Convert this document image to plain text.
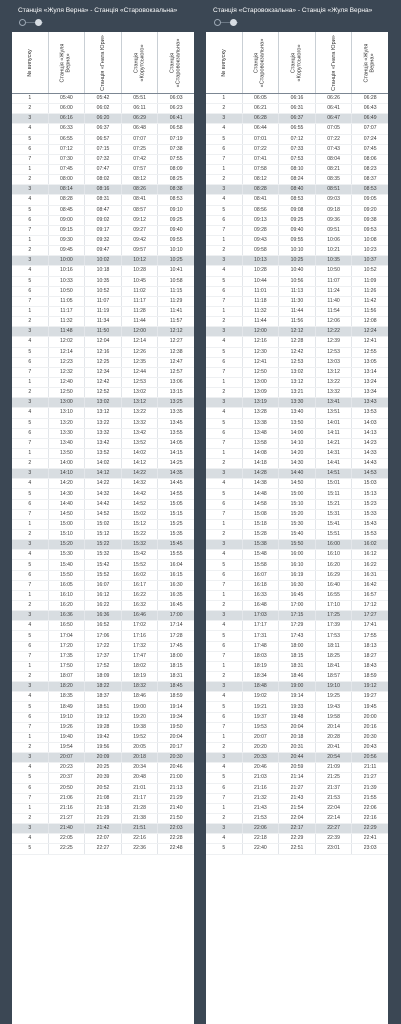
Станція «Жуля Верна» - Станція «Старовокзальна»	Станція «Старовокзальна» - Станція «Жуля Верна»
№ випуску	Станція «Жуля Верна»	Станція «Гната Юри»	Станція «Корутського»	Станція «Старовокзальна»
1	05:40	05:42	05:51	06:03
2	06:00	06:02	06:11	06:23
3	06:16	06:20	06:29	06:41
4	06:33	06:37	06:48	06:58
5	06:55	06:57	07:07	07:19
6	07:12	07:15	07:25	07:38
7	07:30	07:32	07:42	07:55
1	07:45	07:47	07:57	08:09
2	08:00	08:02	08:12	08:25
3	08:14	08:16	08:26	08:38
4	08:28	08:31	08:41	08:53
5	08:45	08:47	08:57	09:10
6	09:00	09:02	09:12	09:25
7	09:15	09:17	09:27	09:40
1	09:30	09:32	09:42	09:55
2	09:45	09:47	09:57	10:10
3	10:00	10:02	10:12	10:25
4	10:16	10:18	10:28	10:41
5	10:33	10:35	10:45	10:58
6	10:50	10:52	11:02	11:15
7	11:05	11:07	11:17	11:29
1	11:17	11:19	11:28	11:41
2	11:32	11:34	11:44	11:57
3	11:48	11:50	12:00	12:12
4	12:02	12:04	12:14	12:27
5	12:14	12:16	12:26	12:38
6	12:23	12:25	12:35	12:47
7	12:32	12:34	12:44	12:57
1	12:40	12:42	12:53	13:06
2	12:50	12:52	13:02	13:15
3	13:00	13:02	13:12	13:25
4	13:10	13:12	13:22	13:35
5	13:20	13:22	13:32	13:45
6	13:30	13:32	13:42	13:55
7	13:40	13:42	13:52	14:05
1	13:50	13:52	14:02	14:15
2	14:00	14:02	14:12	14:25
3	14:10	14:12	14:22	14:35
4	14:20	14:22	14:32	14:45
5	14:30	14:32	14:42	14:55
6	14:40	14:42	14:52	15:05
7	14:50	14:52	15:02	15:15
1	15:00	15:02	15:12	15:25
2	15:10	15:12	15:22	15:35
3	15:20	15:22	15:32	15:45
4	15:30	15:32	15:42	15:55
5	15:40	15:42	15:52	16:04
6	15:50	15:52	16:02	16:15
7	16:05	16:07	16:17	16:30
1	16:10	16:12	16:22	16:35
2	16:20	16:22	16:32	16:45
3	16:36	16:36	16:46	17:00
4	16:50	16:52	17:02	17:14
5	17:04	17:06	17:16	17:28
6	17:20	17:22	17:32	17:45
7	17:35	17:37	17:47	18:00
1	17:50	17:52	18:02	18:15
2	18:07	18:09	18:19	18:31
3	18:20	18:22	18:32	18:45
4	18:35	18:37	18:46	18:59
5	18:49	18:51	19:00	19:14
6	19:10	19:12	19:20	19:34
7	19:26	19:28	19:38	19:50
1	19:40	19:42	19:52	20:04
2	19:54	19:56	20:05	20:17
3	20:07	20:09	20:18	20:30
4	20:23	20:25	20:34	20:46
5	20:37	20:39	20:48	21:00
6	20:50	20:52	21:01	21:13
7	21:06	21:08	21:17	21:29
1	21:16	21:18	21:28	21:40
2	21:27	21:29	21:38	21:50
3	21:40	21:42	21:51	22:03
4	22:05	22:07	22:16	22:28
5	22:25	22:27	22:36	22:48
№ випуску	Станція «Старовокзальна»	Станція «Корутського»	Станція «Гната Юри»	Станція «Жуля Верна»
1	06:05	06:16	06:26	06:28
2	06:21	06:31	06:41	06:43
3	06:28	06:37	06:47	06:49
4	06:44	06:55	07:05	07:07
5	07:01	07:12	07:22	07:24
6	07:22	07:33	07:43	07:45
7	07:41	07:53	08:04	08:06
1	07:58	08:10	08:21	08:23
2	08:12	08:24	08:35	08:37
3	08:28	08:40	08:51	08:53
4	08:41	08:53	09:03	09:05
5	08:56	09:08	09:18	09:20
6	09:13	09:25	09:36	09:38
7	09:28	09:40	09:51	09:53
1	09:43	09:55	10:06	10:08
2	09:58	10:10	10:21	10:23
3	10:13	10:25	10:35	10:37
4	10:28	10:40	10:50	10:52
5	10:44	10:56	11:07	11:09
6	11:01	11:13	11:24	11:26
7	11:18	11:30	11:40	11:42
1	11:32	11:44	11:54	11:56
2	11:44	11:56	12:06	12:08
3	12:00	12:12	12:22	12:24
4	12:16	12:28	12:39	12:41
5	12:30	12:42	12:53	12:55
6	12:41	12:53	13:03	13:05
7	12:50	13:02	13:12	13:14
1	13:00	13:12	13:22	13:24
2	13:09	13:21	13:32	13:34
3	13:19	13:30	13:41	13:43
4	13:28	13:40	13:51	13:53
5	13:38	13:50	14:01	14:03
6	13:48	14:00	14:11	14:13
7	13:58	14:10	14:21	14:23
1	14:08	14:20	14:31	14:33
2	14:18	14:30	14:41	14:43
3	14:28	14:40	14:51	14:53
4	14:38	14:50	15:01	15:03
5	14:48	15:00	15:11	15:13
6	14:58	15:10	15:21	15:23
7	15:08	15:20	15:31	15:33
1	15:18	15:30	15:41	15:43
2	15:28	15:40	15:51	15:53
3	15:38	15:50	16:00	16:02
4	15:48	16:00	16:10	16:12
5	15:58	16:10	16:20	16:22
6	16:07	16:19	16:29	16:31
7	16:18	16:30	16:40	16:42
1	16:33	16:45	16:55	16:57
2	16:48	17:00	17:10	17:12
3	17:03	17:15	17:25	17:27
4	17:17	17:29	17:39	17:41
5	17:31	17:43	17:53	17:55
6	17:48	18:00	18:11	18:13
7	18:03	18:15	18:25	18:27
1	18:19	18:31	18:41	18:43
2	18:34	18:46	18:57	18:59
3	18:48	19:00	19:10	19:12
4	19:02	19:14	19:25	19:27
5	19:21	19:33	19:43	19:45
6	19:37	19:48	19:58	20:00
7	19:53	20:04	20:14	20:16
1	20:07	20:18	20:28	20:30
2	20:20	20:31	20:41	20:43
3	20:33	20:44	20:54	20:56
4	20:46	20:59	21:09	21:11
5	21:03	21:14	21:25	21:27
6	21:16	21:27	21:37	21:39
7	21:32	21:43	21:53	21:55
1	21:43	21:54	22:04	22:06
2	21:53	22:04	22:14	22:16
3	22:06	22:17	22:27	22:29
4	22:18	22:29	22:39	22:41
5	22:40	22:51	23:01	23:03
